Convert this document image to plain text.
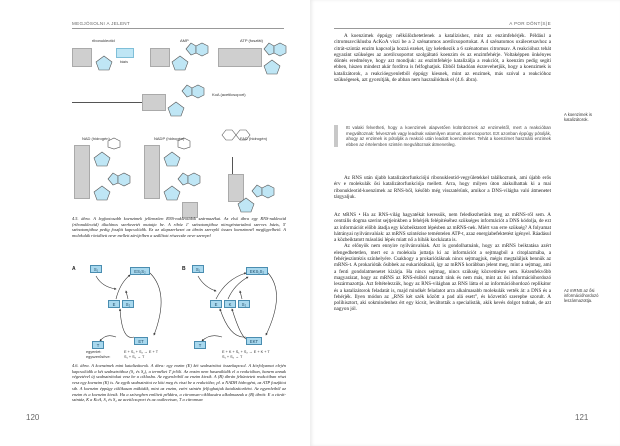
MEGJÓSOLNI A JELENT
ribonukleotid	AMP	ATP (foszfát)
bázis
KoA (acetilcsoport)
NAD (hidrogén)	NADP (hidrogén)	FAD (hidrogén)
4.5. ábra. A legfontosabb koenzimek jellemzően RNS-nukleotidok származékai. Az első ábra egy RNS-nukleotid (ribonukleotid) általános szerkezetét mutatja be. A ribóz 1' szénatomjához nitrogéntartalmú szerves bázis, 5' szénatomjához pedig foszfát kapcsolódik. Ez az alapszerkezet az ábrán szereplő összes koenzimnél megfigyelhető. A molekulák rövidített neve mellett zárójelben a szállított részecske neve szerepel
A	S₁	ES₁S₂
E	S₂
T
ET
egyenlet:
egyszerűsítve:
E + S₁ + S₂ → E + T
S₁ + S₂ → T
B	S₁	EKS₁S₂
E	K	S₂
T
EKT
E + K + S₁ + S₂ → E + K + T
S₁ + S₂ → T
4.6. ábra. A koenzimek mint katalizátorok. A ábra: egy enzim (E) két szubsztrátot összekapcsol. A körfolyamat elején kapcsolódik a két szubsztráthoz (S₁ és S₂), a terméket T jelöli. Az enzim nem használódik el a reakcióban, hanem annak végeztével új szubsztrátokat vesz be a ciklusba. Az egyenletből az enzim kiesik. A (B) ábrán feltüntetett reakcióban részt vesz egy koenzim (K) is. Az egyik szubsztrátot ez köti meg és viszi be a reakcióba; pl. a NADH hidrogént, az ATP foszfátot stb. A koenzim éppúgy ciklikusan működik, mint az enzim, ezért szintén felfoghatjuk katalizátorként. Az egyenletből az enzim és a koenzim kiesik. Ha a szövegben említett példára, a citromsav-ciklikusára alkalmazzuk a (B) ábrát: E a citrát-szintáz, K a KoA, S₁ és S₂ az acetilcsoport és az oxálecetsav, T a citromsav
120
A POR DÖNT(S)E

A koenzimek éppúgy nélkülözhetetlenek a katalízishez, mint az enzimfehérjék. Például a citromsavciklusba AcKoA viszi be a 2 szénatomos acetilcsoportokat. A 4 szénatomos oxálecetsavhoz a citrát-szintáz enzim kapcsolja hozzá ezeket, így keletkezik a 6 szénatomos citromsav. A reakcióhoz tehát egyaránt szükséges az acetilcsoportot szolgáltató koenzim és az enzimfehérje. Voltaképpen önkényes döntés eredménye, hogy azt mondjuk: az enzimfehérje katalizálja a reakciót, a koenzim pedig segíti ebben, hiszen mindezt akár fordítva is felfoghatjuk. Ebből fakadóan észrevehetjük, hogy a koenzimek is katalizátorok, a reakcióegyenletből éppúgy kiesnek, mint az enzimek, más szóval a reakcióhoz szükségesek, azt gyorsítják, de abban nem használódnak el (4.6. ábra).

Itt valaki felvetheti, hogy a koenzimek alapvetően különböznek az enzimektől, mert a reakcióban megváltoznak: felvesznek vagy leadnak valamilyen atomot, atomcsoportot. Ezt azonban éppúgy pótolják, ahogy az enzimek is pótolják a reakció után leadott koenzimeket. Tehát a koenzimet használó enzimek ebben az értelemben szintén megváltoznak átmenetileg.

Az RNS után újabb katalizátorfunkciójú ribonukleotid-vegyületekkel találkoztunk, ami újabb erős érv e molekulák ősi katalizátorfunkciója mellett. Arra, hogy milyen úton alakulhattak ki a mai ribonukleotid-koenzimek az RNS-ből, később még visszatérünk, amikor a DNS-világba való átmenetet tárgyaljuk.

Az mRNS • Ha az RNS-világ hagyatékát keressük, nem feledkezhetünk meg az mRNS-ről sem. A centrális dogma szerint sejtjeinkben a fehérjék felépítéséhez szükséges információt a DNS kódolja, de ezt az információt előbb átadja egy közbeiktatott lépésben az mRNS-nek. Miért van erre szükség? A folyamat hátrányai nyilvánvalóak: az mRNS szintézise teméntelen ATP-t, azaz energiabefektetést igényel. Ráadásul a közbeiktatott másolási lépés miatt nő a hibák kockázata is.

Az előnyök nem ennyire nyilvánvalóak. Azt is gondolhatnánk, hogy az mRNS beiktatása azért elengedhetetlen, mert ez a molekula juttatja ki az információt a sejtmagból a citoplazmába, a fehérjeszintézis színhelyére. Csakhogy a prokariótáknak nincs sejtmagjuk, mégis megtaláljuk bennük az mRNS-t. A prokarióták ősibbek az eukariótáknál, így az mRNS korábban jelent meg, mint a sejtmag, ami a fenti gondolatmenetet kizárja. Ha nincs sejtmag, nincs szükség közvetítésre sem. Kézenfekvőbb magyarázat, hogy az mRNS az RNS-érából maradt ránk és nem más, mint az ősi információhordozó leszármazottja. Azt feltételezzük, hogy az RNS-világban az RNS látta el az információhordozó replikátor és a katalizátorok feladatát is, majd mindkét feladatot arra alkalmasabb molekulák vették át: a DNS és a fehérjék. Ilyen módon az „RNS két szék között a pad alá esett”, és közvetítő szerepbe szorult. A polihisztort, aki sokmindenhez ért egy kicsit, leváltották a specialisták, akik kevés dolgot tudnak, de azt nagyon jól.

A koenzimek is katalizátorok.
Az mRNS az ősi információhordozó leszármazottja.
121
